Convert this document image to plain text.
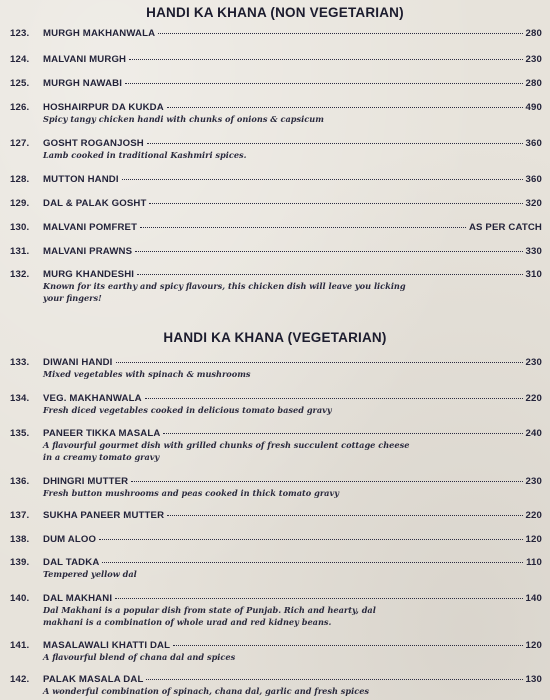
HANDI KA KHANA (NON VEGETARIAN)
123.	MURGH MAKHANWALA	280
124.	MALVANI MURGH	230
125.	MURGH NAWABI	280
126.	HOSHAIRPUR DA KUKDA	490
Spicy tangy chicken handi with chunks of onions & capsicum
127.	GOSHT ROGANJOSH	360
Lamb cooked in traditional Kashmiri spices.
128.	MUTTON HANDI	360
129.	DAL & PALAK GOSHT	320
130.	MALVANI POMFRET	AS PER CATCH
131.	MALVANI PRAWNS	330
132.	MURG KHANDESHI	310
Known for its earthy and spicy flavours, this chicken dish will leave you licking
your fingers!
HANDI KA KHANA (VEGETARIAN)
133.	DIWANI HANDI	230
Mixed vegetables with spinach & mushrooms
134.	VEG. MAKHANWALA	220
Fresh diced vegetables cooked in delicious tomato based gravy
135.	PANEER TIKKA MASALA	240
A flavourful gourmet dish with grilled chunks of fresh succulent cottage cheese
in a creamy tomato gravy
136.	DHINGRI MUTTER	230
Fresh button mushrooms and peas cooked in thick tomato gravy
137.	SUKHA PANEER MUTTER	220
138.	DUM ALOO	120
139.	DAL TADKA	110
Tempered yellow dal
140.	DAL MAKHANI	140
Dal Makhani is a popular dish from state of Punjab. Rich and hearty, dal
makhani is a combination of whole urad and red kidney beans.
141.	MASALAWALI KHATTI DAL	120
A flavourful blend of chana dal and spices
142.	PALAK MASALA DAL	130
A wonderful combination of spinach, chana dal, garlic and fresh spices
